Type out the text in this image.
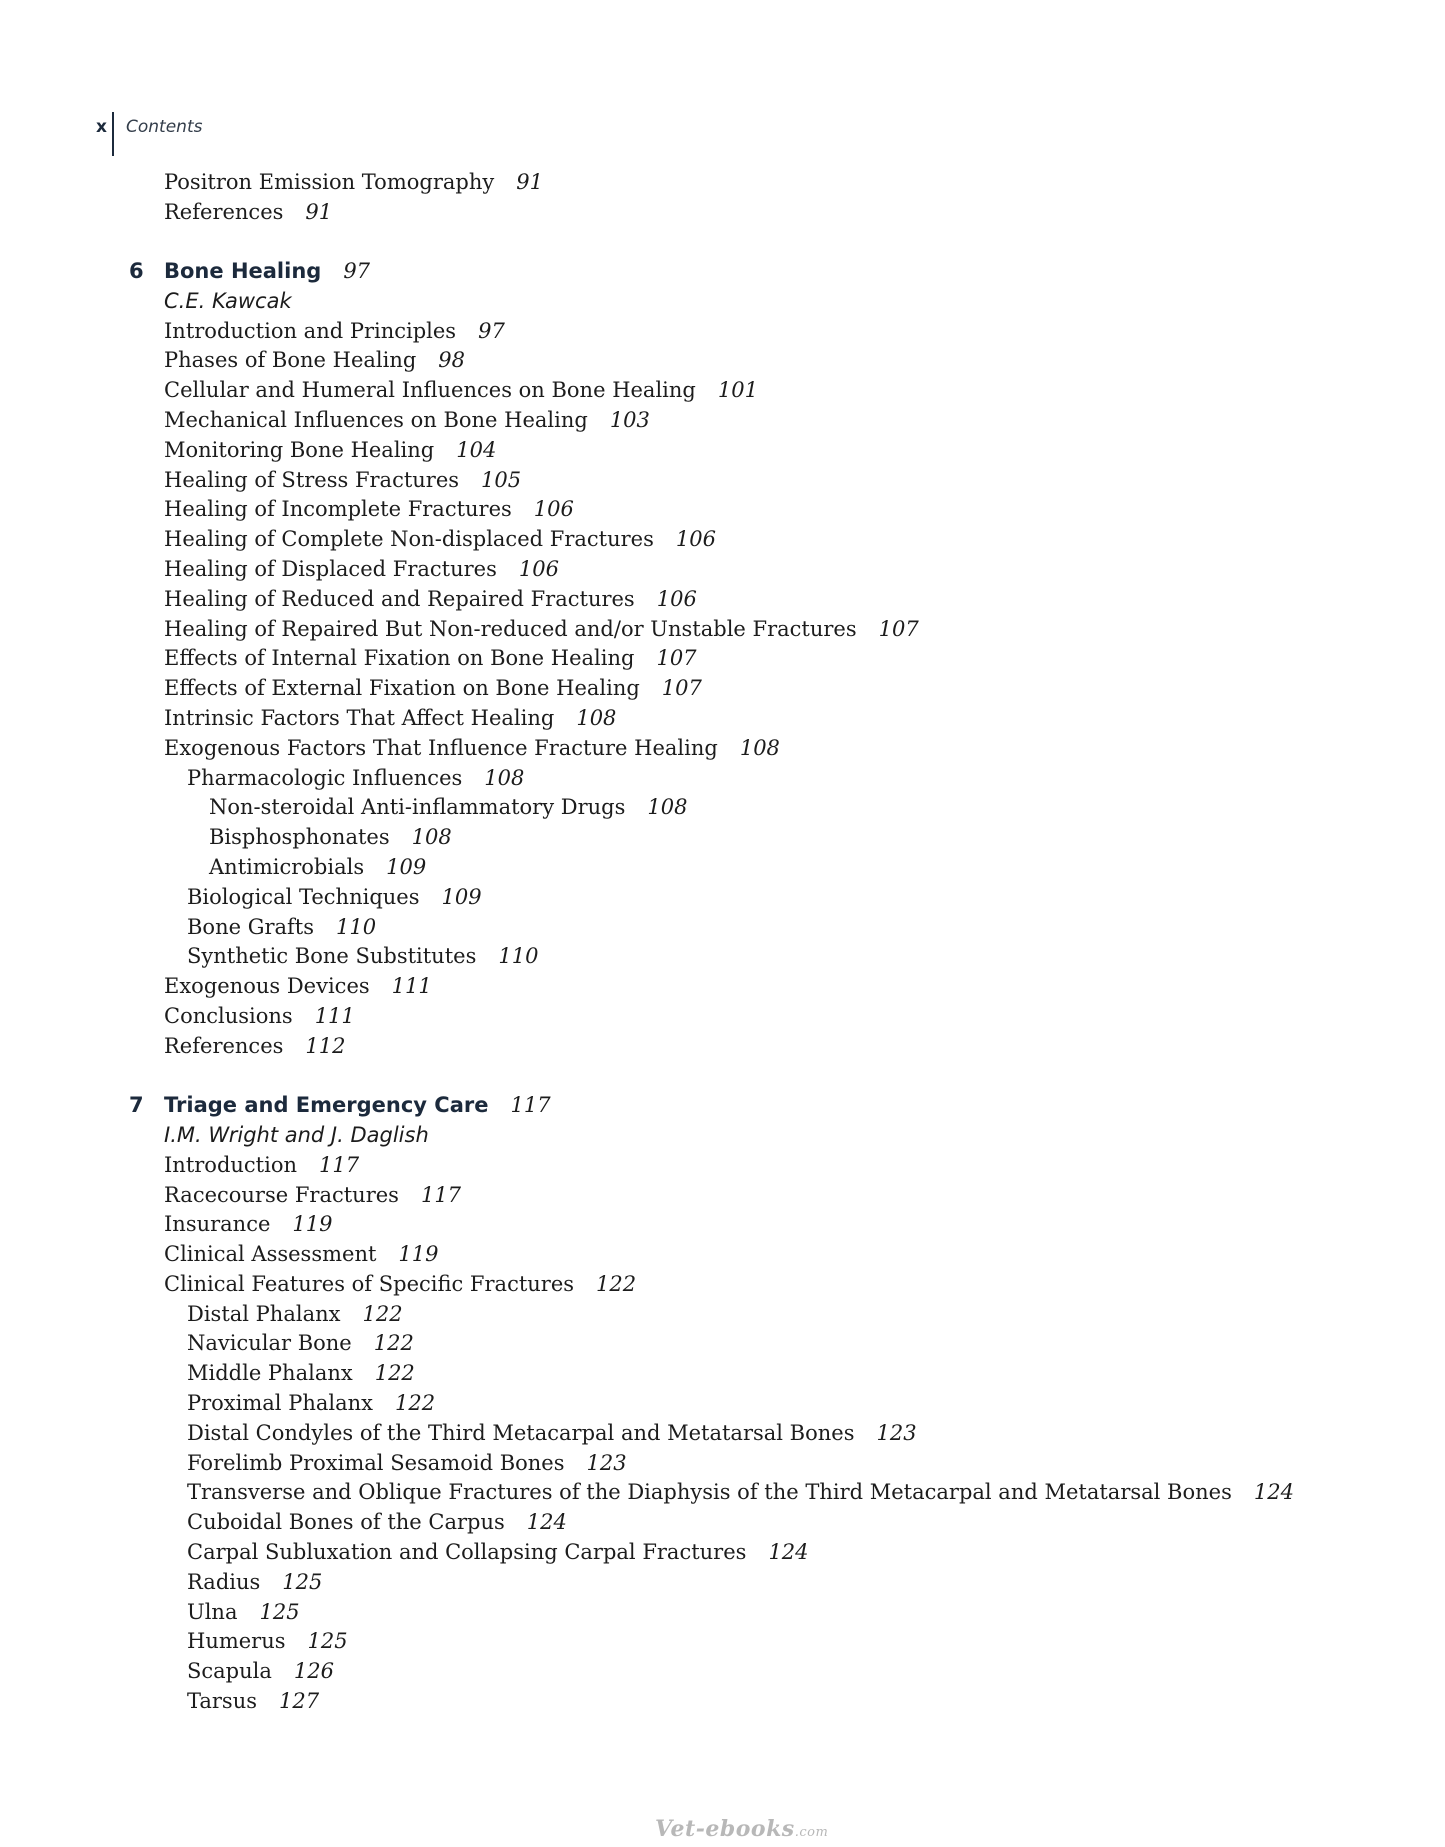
x Contents
Positron Emission Tomography 91
References 91
6 Bone Healing 97
C.E. Kawcak
Introduction and Principles 97
Phases of Bone Healing 98
Cellular and Humeral Influences on Bone Healing 101
Mechanical Influences on Bone Healing 103
Monitoring Bone Healing 104
Healing of Stress Fractures 105
Healing of Incomplete Fractures 106
Healing of Complete Non-displaced Fractures 106
Healing of Displaced Fractures 106
Healing of Reduced and Repaired Fractures 106
Healing of Repaired But Non-reduced and/or Unstable Fractures 107
Effects of Internal Fixation on Bone Healing 107
Effects of External Fixation on Bone Healing 107
Intrinsic Factors That Affect Healing 108
Exogenous Factors That Influence Fracture Healing 108
Pharmacologic Influences 108
Non-steroidal Anti-inflammatory Drugs 108
Bisphosphonates 108
Antimicrobials 109
Biological Techniques 109
Bone Grafts 110
Synthetic Bone Substitutes 110
Exogenous Devices 111
Conclusions 111
References 112
7 Triage and Emergency Care 117
I.M. Wright and J. Daglish
Introduction 117
Racecourse Fractures 117
Insurance 119
Clinical Assessment 119
Clinical Features of Specific Fractures 122
Distal Phalanx 122
Navicular Bone 122
Middle Phalanx 122
Proximal Phalanx 122
Distal Condyles of the Third Metacarpal and Metatarsal Bones 123
Forelimb Proximal Sesamoid Bones 123
Transverse and Oblique Fractures of the Diaphysis of the Third Metacarpal and Metatarsal Bones 124
Cuboidal Bones of the Carpus 124
Carpal Subluxation and Collapsing Carpal Fractures 124
Radius 125
Ulna 125
Humerus 125
Scapula 126
Tarsus 127
Vet-ebooks.com
